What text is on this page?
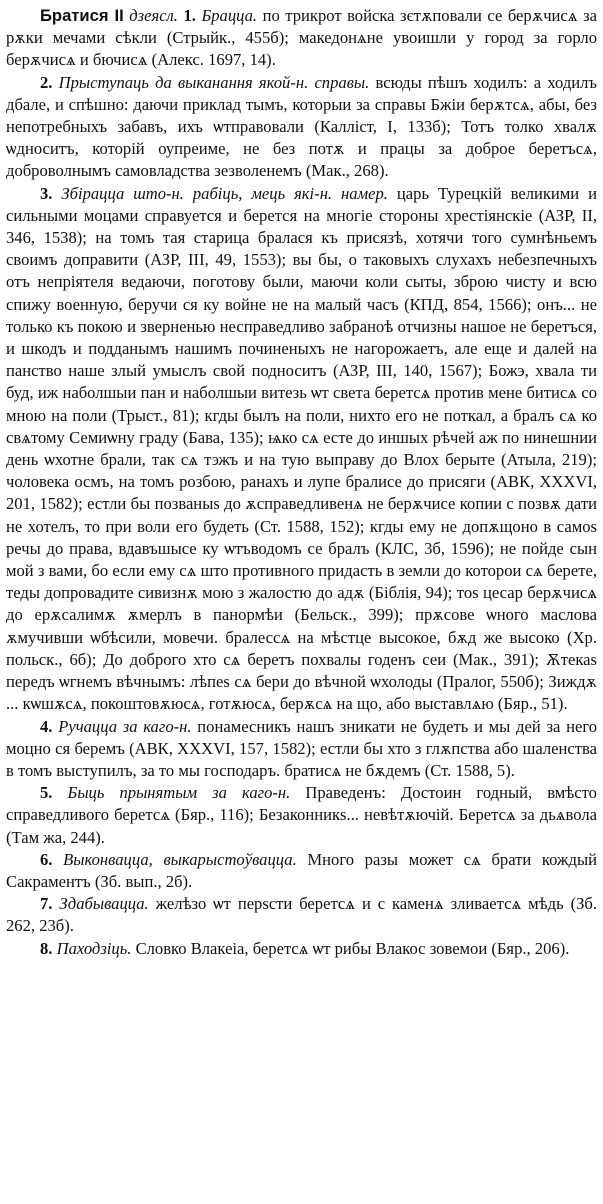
Братися II дзеясл. 1. Брацца. по трикрот войска зєтѫповали се берѫчисѧ за рѫки мечами сѣкли (Стрыйк., 455б); македонѧне увоишли у город за горло берѫчисѧ и бючисѧ (Алекс. 1697, 14).

2. Прыступаць да выканання якой-н. справы. всюды пѣшъ ходилъ: а ходилъ дбале, и спѣшно: даючи приклад тымъ, которыи за справы Бжіи берѫтсѧ, абы, без непотребныхъ забавъ, ихъ ѡтправовали (Калліст, I, 133б); Тотъ толко хвалѫ ѡдноситъ, которій оупреиме, не без потѫ и працы за доброе беретъсѧ, доброволнымъ самовладства зезволенемъ (Мак., 268).

3. Збірацца што-н. рабіць, мець які-н. намер. царь Турецкій великими и сильными моцами справуется и берется на многіе стороны хрестіянскіе (АЗР, II, 346, 1538); на томъ тая старица бралася къ присязѣ, хотячи того сумнѣньемъ своимъ доправити (АЗР, III, 49, 1553); вы бы, о таковыхъ слухахъ небезпечныхъ отъ непріятеля ведаючи, поготову были, маючи коли сыты, зброю чисту и всю спижу военную, беручи ся ку войне не на малый часъ (КПД, 854, 1566); онъ... не только къ покою и зверненью несправедливо забраноѣ отчизны нашое не беретъся, и шкодъ и подданымъ нашимъ починеныхъ не нагорожаетъ, але еще и далей на панство наше злый умыслъ свой подноситъ (АЗР, III, 140, 1567); Божэ, хвала ти буд, иж наболшыи пан и наболшыи витезь ѡт света беретсѧ против мене битисѧ со мною на поли (Трыст., 81); кгды былъ на поли, нихто его не поткал, а бралъ сѧ ко свѧтому Семиѡну граду (Бава, 135); ѩко сѧ есте до иншых рѣчей аж по нинешнии день ѡхотне брали, так сѧ тэжъ и на тую выправу до Влох берыте (Атыла, 219); чоловека осмъ, на томъ розбою, ранахъ и лупе бралисе до присяги (АВК, XXXVI, 201, 1582); естли бы позваныѕ до ѫсправедливенѧ не берѫчисе копии с позвѫ дати не хотелъ, то при воли его будеть (Ст. 1588, 152); кгды ему не допѫщоно в самоѕ речы до права, вдавъшысе ку ѡтъводомъ се бралъ (КЛС, 3б, 1596); не пойде сын мой з вами, бо если ему сѧ што противного придасть в земли до которои сѧ берете, теды допровадите сивизнѫ мою з жалостю до адѫ (Біблія, 94); тоѕ цесар берѫчисѧ до ерѫсалимѫ ѫмерлъ в панормѣи (Бельск., 399); прѫсове ѡного маслова ѫмучивши ѡбѣсили, мовечи. бралессѧ на мѣстце высокое, бѫд же высоко (Хр. польск., 6б); До доброго хто сѧ беретъ похвалы годенъ сеи (Мак., 391); Ѫтекаѕ передъ ѡгнемъ вѣчнымъ: лѣпеѕ сѧ бери до вѣчной ѡхолоды (Пралог, 550б); Зиждѫ ... кѡшѫсѧ, покоштовѫюсѧ, готѫюсѧ, берѫсѧ на що, або выставлѧю (Бяр., 51).

4. Ручацца за каго-н. понамесникъ нашъ зникати не будеть и мы дей за него моцно ся беремъ (АВК, XXXVI, 157, 1582); естли бы хто з глѫпства або шаленства в томъ выступилъ, за то мы господаръ. братисѧ не бѫдемъ (Ст. 1588, 5).

5. Быць прынятым за каго-н. Праведенъ: Достоин годный, вмѣсто справедливого беретсѧ (Бяр., 116); Безаконникѕ... невѣтѫючій. Беретсѧ за дьѧвола (Там жа, 244).

6. Выконвацца, выкарыстоўвацца. Много разы может сѧ брати кождый Сакраментъ (Зб. вып., 2б).

7. Здабывацца. желѣзо ѡт перѕсти беретсѧ и с каменѧ зливаетсѧ мѣдь (Зб. 262, 23б).

8. Паходзіць. Словко Влакеіа, беретсѧ ѡт рибы Влакос зовемои (Бяр., 206).
